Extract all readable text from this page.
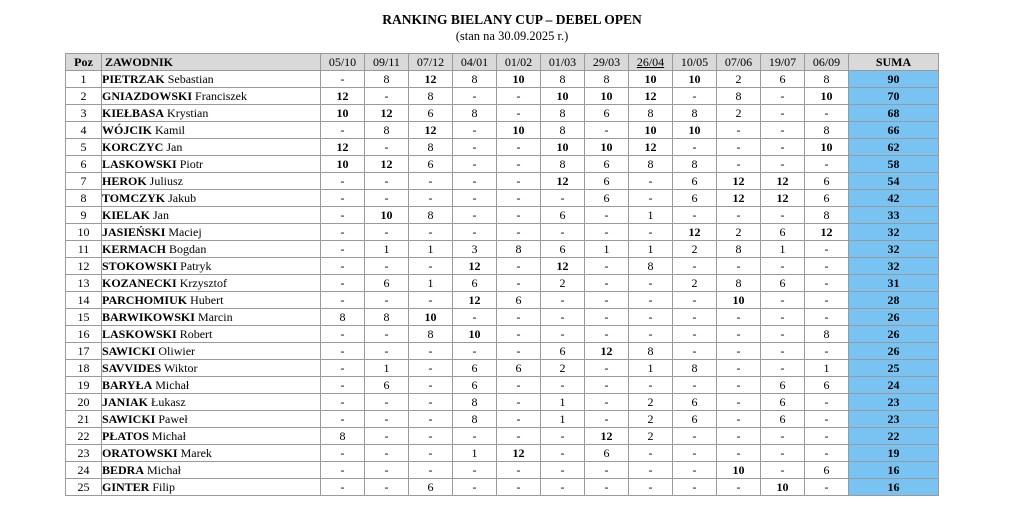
RANKING BIELANY CUP – DEBEL OPEN
(stan na 30.09.2025 r.)
Poz	ZAWODNIK	05/10	09/11	07/12	04/01	01/02	01/03	29/03	26/04	10/05	07/06	19/07	06/09	SUMA
1	PIETRZAK Sebastian	-	8	12	8	10	8	8	10	10	2	6	8	90
2	GNIAZDOWSKI Franciszek	12	-	8	-	-	10	10	12	-	8	-	10	70
3	KIEŁBASA Krystian	10	12	6	8	-	8	6	8	8	2	-	-	68
4	WÓJCIK Kamil	-	8	12	-	10	8	-	10	10	-	-	8	66
5	KORCZYC Jan	12	-	8	-	-	10	10	12	-	-	-	10	62
6	LASKOWSKI Piotr	10	12	6	-	-	8	6	8	8	-	-	-	58
7	HEROK Juliusz	-	-	-	-	-	12	6	-	6	12	12	6	54
8	TOMCZYK Jakub	-	-	-	-	-	-	6	-	6	12	12	6	42
9	KIELAK Jan	-	10	8	-	-	6	-	1	-	-	-	8	33
10	JASIEŃSKI Maciej	-	-	-	-	-	-	-	-	12	2	6	12	32
11	KERMACH Bogdan	-	1	1	3	8	6	1	1	2	8	1	-	32
12	STOKOWSKI Patryk	-	-	-	12	-	12	-	8	-	-	-	-	32
13	KOZANECKI Krzysztof	-	6	1	6	-	2	-	-	2	8	6	-	31
14	PARCHOMIUK Hubert	-	-	-	12	6	-	-	-	-	10	-	-	28
15	BARWIKOWSKI Marcin	8	8	10	-	-	-	-	-	-	-	-	-	26
16	LASKOWSKI Robert	-	-	8	10	-	-	-	-	-	-	-	8	26
17	SAWICKI Oliwier	-	-	-	-	-	6	12	8	-	-	-	-	26
18	SAVVIDES Wiktor	-	1	-	6	6	2	-	1	8	-	-	1	25
19	BARYŁA Michał	-	6	-	6	-	-	-	-	-	-	6	6	24
20	JANIAK Łukasz	-	-	-	8	-	1	-	2	6	-	6	-	23
21	SAWICKI Paweł	-	-	-	8	-	1	-	2	6	-	6	-	23
22	PŁATOS Michał	8	-	-	-	-	-	12	2	-	-	-	-	22
23	ORATOWSKI Marek	-	-	-	1	12	-	6	-	-	-	-	-	19
24	BEDRA Michał	-	-	-	-	-	-	-	-	-	10	-	6	16
25	GINTER Filip	-	-	6	-	-	-	-	-	-	-	10	-	16
